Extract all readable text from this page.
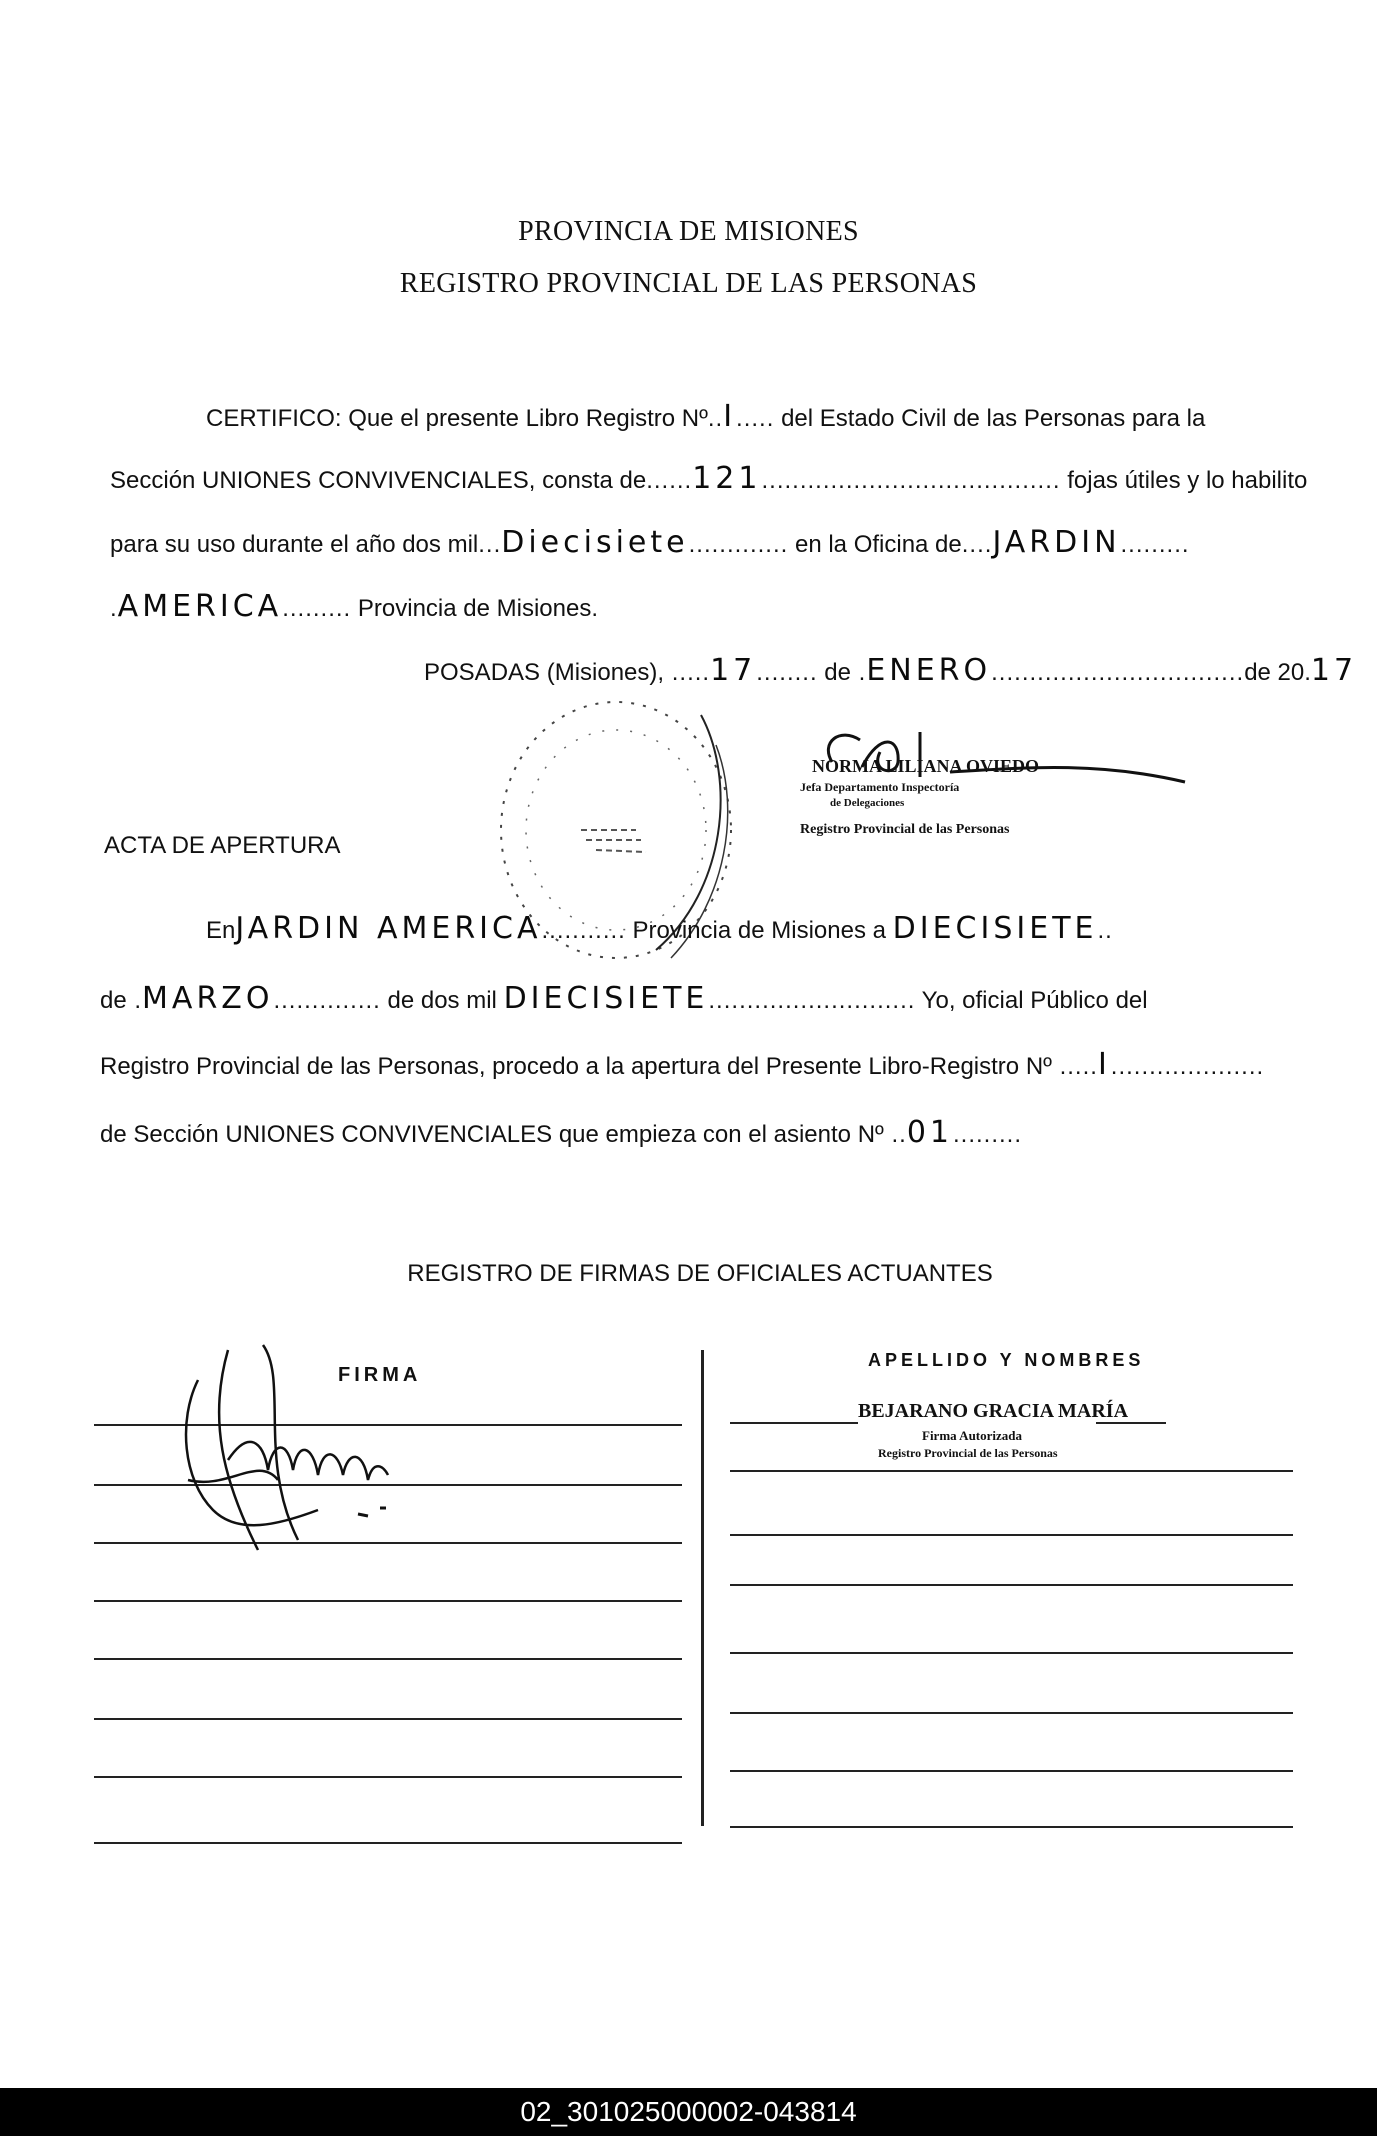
PROVINCIA DE MISIONES
REGISTRO PROVINCIAL DE LAS PERSONAS
CERTIFICO: Que el presente Libro Registro Nº..I..... del Estado Civil de las Personas para la
Sección UNIONES CONVIVENCIALES, consta de......121....................................... fojas útiles y lo habilito
para su uso durante el año dos mil...Diecisiete............. en la Oficina de....JARDIN.........
.AMERICA......... Provincia de Misiones.
POSADAS (Misiones), .....17........ de .ENERO.................................de 20.17
NORMA LILIANA OVIEDO
Jefa Departamento Inspectoría
de Delegaciones
Registro Provincial de las Personas
ACTA DE APERTURA
EnJARDIN AMERICA........... Provincia de Misiones a DIECISIETE..
de .MARZO.............. de dos mil DIECISIETE........................... Yo, oficial Público del
Registro Provincial de las Personas, procedo a la apertura del Presente Libro-Registro Nº .....I....................
de Sección UNIONES CONVIVENCIALES que empieza con el asiento Nº ..01.........
REGISTRO DE FIRMAS DE OFICIALES ACTUANTES
FIRMA
APELLIDO Y NOMBRES
BEJARANO GRACIA MARÍA
Firma Autorizada
Registro Provincial de las Personas
02_301025000002-043814
